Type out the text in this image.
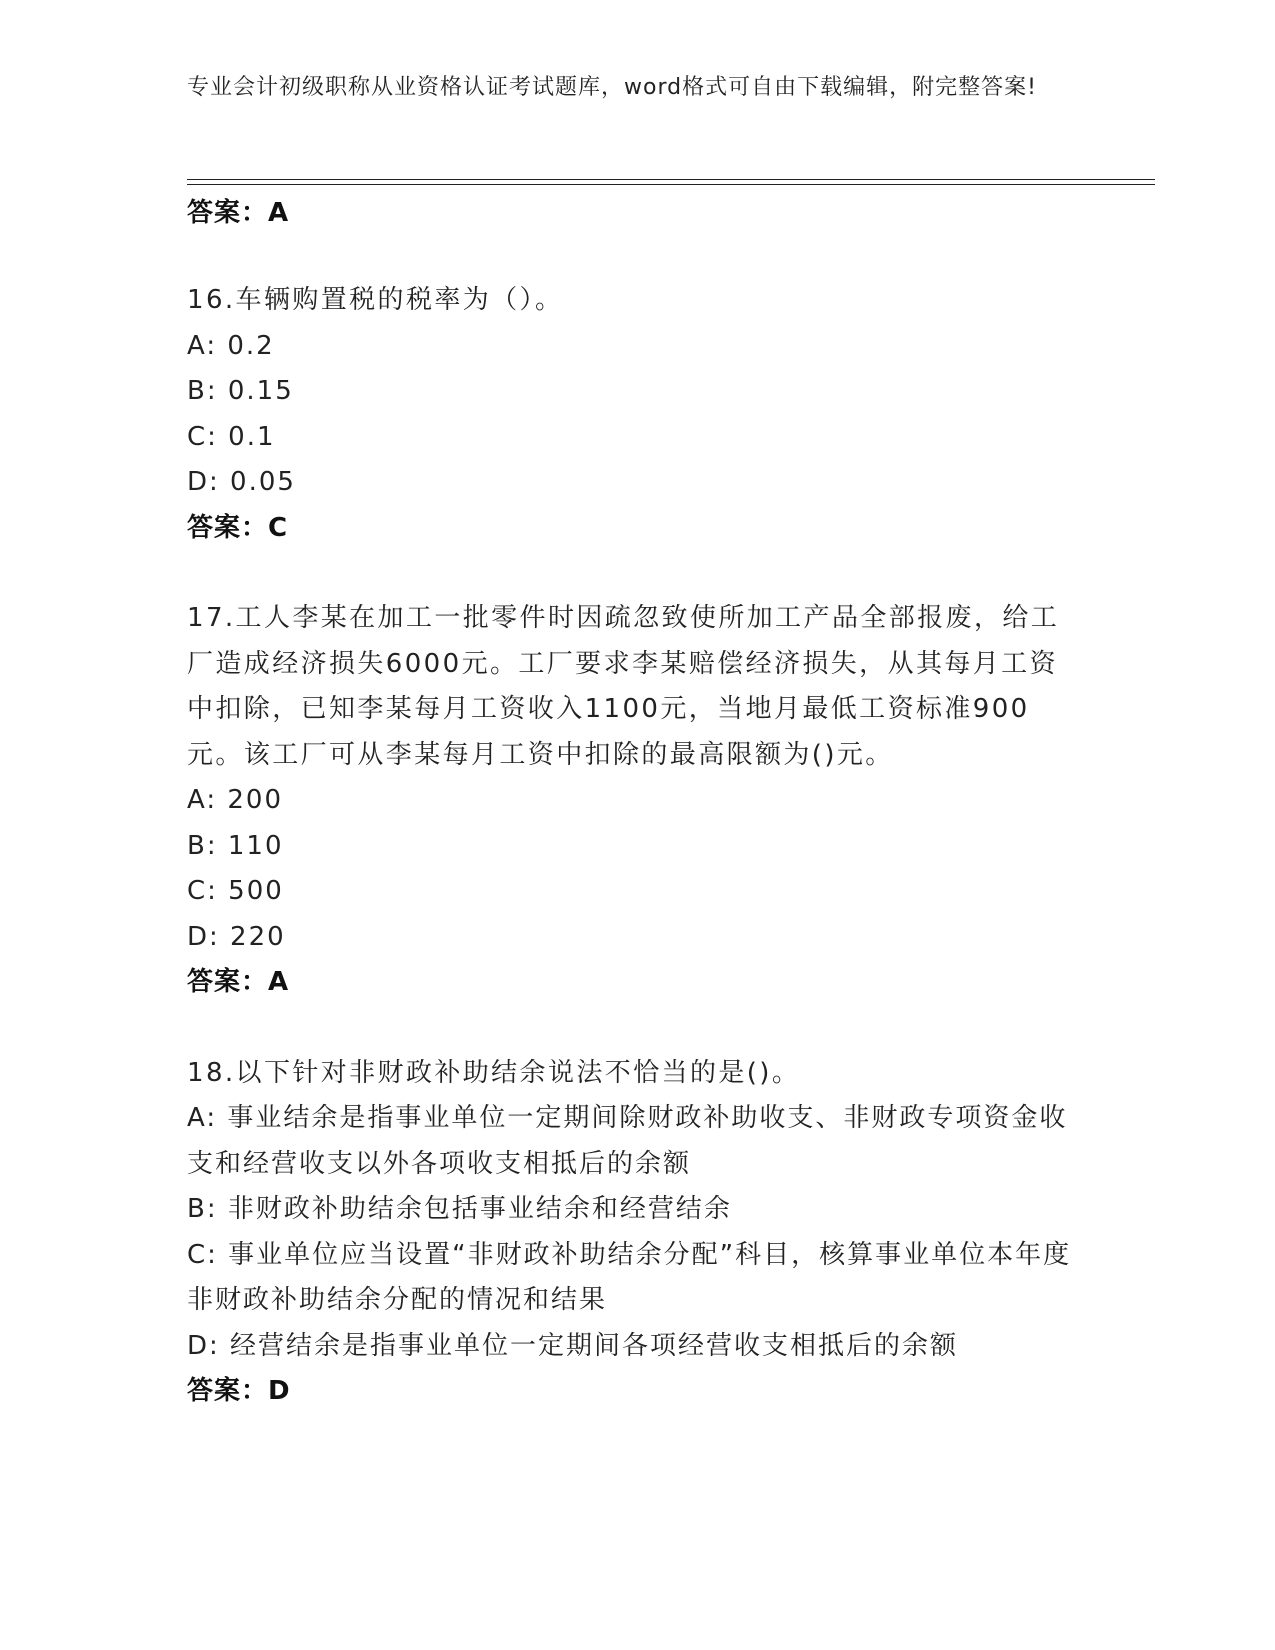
专业会计初级职称从业资格认证考试题库，word格式可自由下载编辑，附完整答案!
答案：A
16.车辆购置税的税率为（）。
A: 0.2
B: 0.15
C: 0.1
D: 0.05
答案：C
17.工人李某在加工一批零件时因疏忽致使所加工产品全部报废，给工厂造成经济损失6000元。工厂要求李某赔偿经济损失，从其每月工资中扣除，已知李某每月工资收入1100元，当地月最低工资标准900元。该工厂可从李某每月工资中扣除的最高限额为()元。
A: 200
B: 110
C: 500
D: 220
答案：A
18.以下针对非财政补助结余说法不恰当的是()。
A: 事业结余是指事业单位一定期间除财政补助收支、非财政专项资金收支和经营收支以外各项收支相抵后的余额
B: 非财政补助结余包括事业结余和经营结余
C: 事业单位应当设置“非财政补助结余分配”科目，核算事业单位本年度非财政补助结余分配的情况和结果
D: 经营结余是指事业单位一定期间各项经营收支相抵后的余额
答案：D
